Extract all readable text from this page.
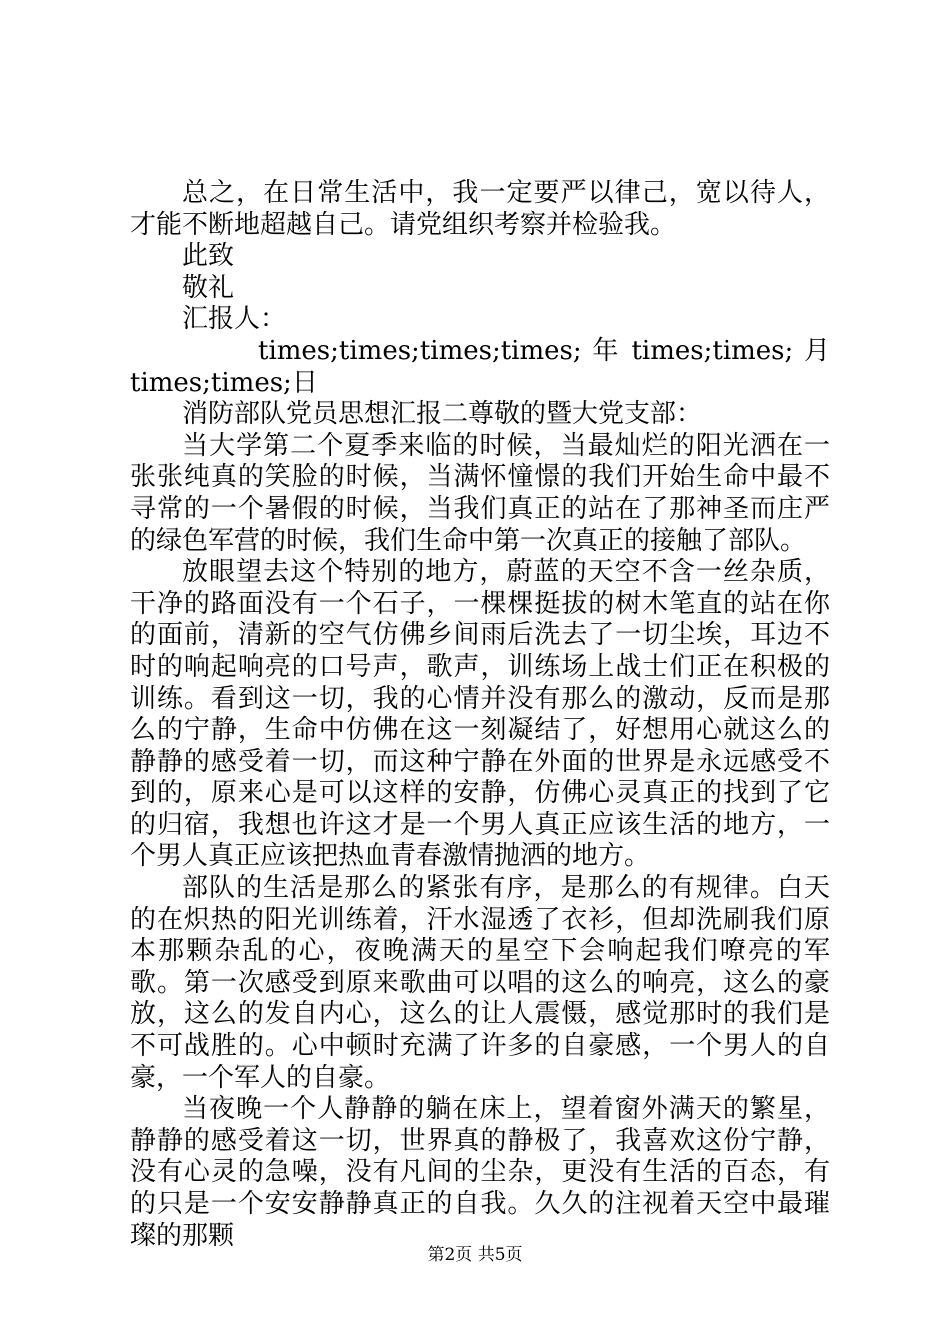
总之，在日常生活中，我一定要严以律己，宽以待人，才能不断地超越自己。请党组织考察并检验我。

此致

敬礼

汇报人：

times;times;times;times; 年 times;times; 月

times;times;日

消防部队党员思想汇报二尊敬的暨大党支部：

当大学第二个夏季来临的时候，当最灿烂的阳光洒在一张张纯真的笑脸的时候，当满怀憧憬的我们开始生命中最不寻常的一个暑假的时候，当我们真正的站在了那神圣而庄严的绿色军营的时候，我们生命中第一次真正的接触了部队。

放眼望去这个特别的地方，蔚蓝的天空不含一丝杂质，干净的路面没有一个石子，一棵棵挺拔的树木笔直的站在你的面前，清新的空气仿佛乡间雨后洗去了一切尘埃，耳边不时的响起响亮的口号声，歌声，训练场上战士们正在积极的训练。看到这一切，我的心情并没有那么的激动，反而是那么的宁静，生命中仿佛在这一刻凝结了，好想用心就这么的静静的感受着一切，而这种宁静在外面的世界是永远感受不到的，原来心是可以这样的安静，仿佛心灵真正的找到了它的归宿，我想也许这才是一个男人真正应该生活的地方，一个男人真正应该把热血青春激情抛洒的地方。

部队的生活是那么的紧张有序，是那么的有规律。白天的在炽热的阳光训练着，汗水湿透了衣衫，但却洗刷我们原本那颗杂乱的心，夜晚满天的星空下会响起我们嘹亮的军歌。第一次感受到原来歌曲可以唱的这么的响亮，这么的豪放，这么的发自内心，这么的让人震慑，感觉那时的我们是不可战胜的。心中顿时充满了许多的自豪感，一个男人的自豪，一个军人的自豪。

当夜晚一个人静静的躺在床上，望着窗外满天的繁星，静静的感受着这一切，世界真的静极了，我喜欢这份宁静，没有心灵的急噪，没有凡间的尘杂，更没有生活的百态，有的只是一个安安静静真正的自我。久久的注视着天空中最璀璨的那颗

第2页 共5页
